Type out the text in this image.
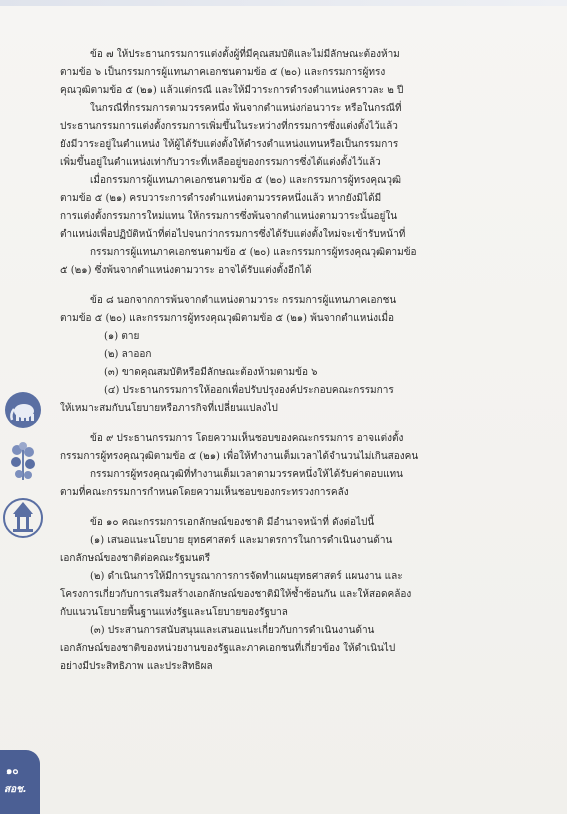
ข้อ ๗ ให้ประธานกรรมการแต่งตั้งผู้ที่มีคุณสมบัติและไม่มีลักษณะต้องห้าม

ตามข้อ ๖ เป็นกรรมการผู้แทนภาคเอกชนตามข้อ ๕ (๒๐) และกรรมการผู้ทรง

คุณวุฒิตามข้อ ๕ (๒๑) แล้วแต่กรณี และให้มีวาระการดำรงตำแหน่งคราวละ ๒ ปี

ในกรณีที่กรรมการตามวรรคหนึ่ง พ้นจากตำแหน่งก่อนวาระ หรือในกรณีที่

ประธานกรรมการแต่งตั้งกรรมการเพิ่มขึ้นในระหว่างที่กรรมการซึ่งแต่งตั้งไว้แล้ว

ยังมีวาระอยู่ในตำแหน่ง ให้ผู้ได้รับแต่งตั้งให้ดำรงตำแหน่งแทนหรือเป็นกรรมการ

เพิ่มขึ้นอยู่ในตำแหน่งเท่ากับวาระที่เหลืออยู่ของกรรมการซึ่งได้แต่งตั้งไว้แล้ว

เมื่อกรรมการผู้แทนภาคเอกชนตามข้อ ๕ (๒๐) และกรรมการผู้ทรงคุณวุฒิ

ตามข้อ ๕ (๒๑) ครบวาระการดำรงตำแหน่งตามวรรคหนึ่งแล้ว หากยังมิได้มี

การแต่งตั้งกรรมการใหม่แทน ให้กรรมการซึ่งพ้นจากตำแหน่งตามวาระนั้นอยู่ใน

ตำแหน่งเพื่อปฏิบัติหน้าที่ต่อไปจนกว่ากรรมการซึ่งได้รับแต่งตั้งใหม่จะเข้ารับหน้าที่

กรรมการผู้แทนภาคเอกชนตามข้อ ๕ (๒๐) และกรรมการผู้ทรงคุณวุฒิตามข้อ

๕ (๒๑) ซึ่งพ้นจากตำแหน่งตามวาระ อาจได้รับแต่งตั้งอีกได้

ข้อ ๘ นอกจากการพ้นจากตำแหน่งตามวาระ กรรมการผู้แทนภาคเอกชน

ตามข้อ ๕ (๒๐) และกรรมการผู้ทรงคุณวุฒิตามข้อ ๕ (๒๑) พ้นจากตำแหน่งเมื่อ

(๑) ตาย

(๒) ลาออก

(๓) ขาดคุณสมบัติหรือมีลักษณะต้องห้ามตามข้อ ๖

(๔) ประธานกรรมการให้ออกเพื่อปรับปรุงองค์ประกอบคณะกรรมการ

ให้เหมาะสมกับนโยบายหรือภารกิจที่เปลี่ยนแปลงไป

ข้อ ๙ ประธานกรรมการ โดยความเห็นชอบของคณะกรรมการ อาจแต่งตั้ง

กรรมการผู้ทรงคุณวุฒิตามข้อ ๕ (๒๑) เพื่อให้ทำงานเต็มเวลาได้จำนวนไม่เกินสองคน

กรรมการผู้ทรงคุณวุฒิที่ทำงานเต็มเวลาตามวรรคหนึ่งให้ได้รับค่าตอบแทน

ตามที่คณะกรรมการกำหนดโดยความเห็นชอบของกระทรวงการคลัง

ข้อ ๑๐ คณะกรรมการเอกลักษณ์ของชาติ มีอำนาจหน้าที่ ดังต่อไปนี้

(๑) เสนอแนะนโยบาย ยุทธศาสตร์ และมาตรการในการดำเนินงานด้าน

เอกลักษณ์ของชาติต่อคณะรัฐมนตรี

(๒) ดำเนินการให้มีการบูรณาการการจัดทำแผนยุทธศาสตร์ แผนงาน และ

โครงการเกี่ยวกับการเสริมสร้างเอกลักษณ์ของชาติมิให้ซ้ำซ้อนกัน และให้สอดคล้อง

กับแนวนโยบายพื้นฐานแห่งรัฐและนโยบายของรัฐบาล

(๓) ประสานการสนับสนุนและเสนอแนะเกี่ยวกับการดำเนินงานด้าน

เอกลักษณ์ของชาติของหน่วยงานของรัฐและภาคเอกชนที่เกี่ยวข้อง ให้ดำเนินไป

อย่างมีประสิทธิภาพ และประสิทธิผล

๑๐
สอช.
